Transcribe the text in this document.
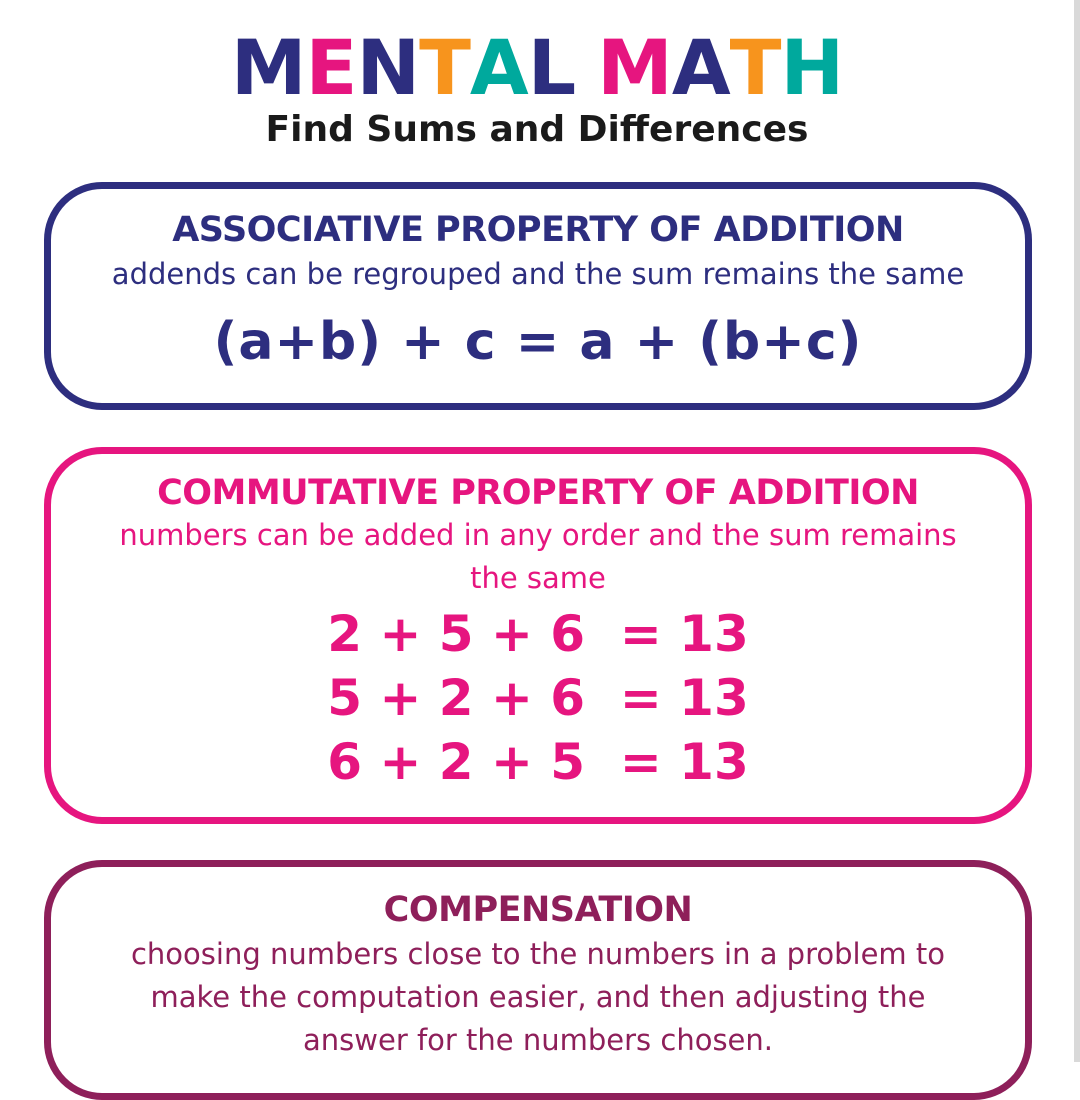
MENTAL MATH
Find Sums and Differences
ASSOCIATIVE PROPERTY OF ADDITION
addends can be regrouped and the sum remains the same
(a+b) + c = a + (b+c)
COMMUTATIVE PROPERTY OF ADDITION
numbers can be added in any order and the sum remains the same
2 + 5 + 6  = 13
5 + 2 + 6  = 13
6 + 2 + 5  = 13
COMPENSATION
choosing numbers close to the numbers in a problem to make the computation easier, and then adjusting the answer for the numbers chosen.
